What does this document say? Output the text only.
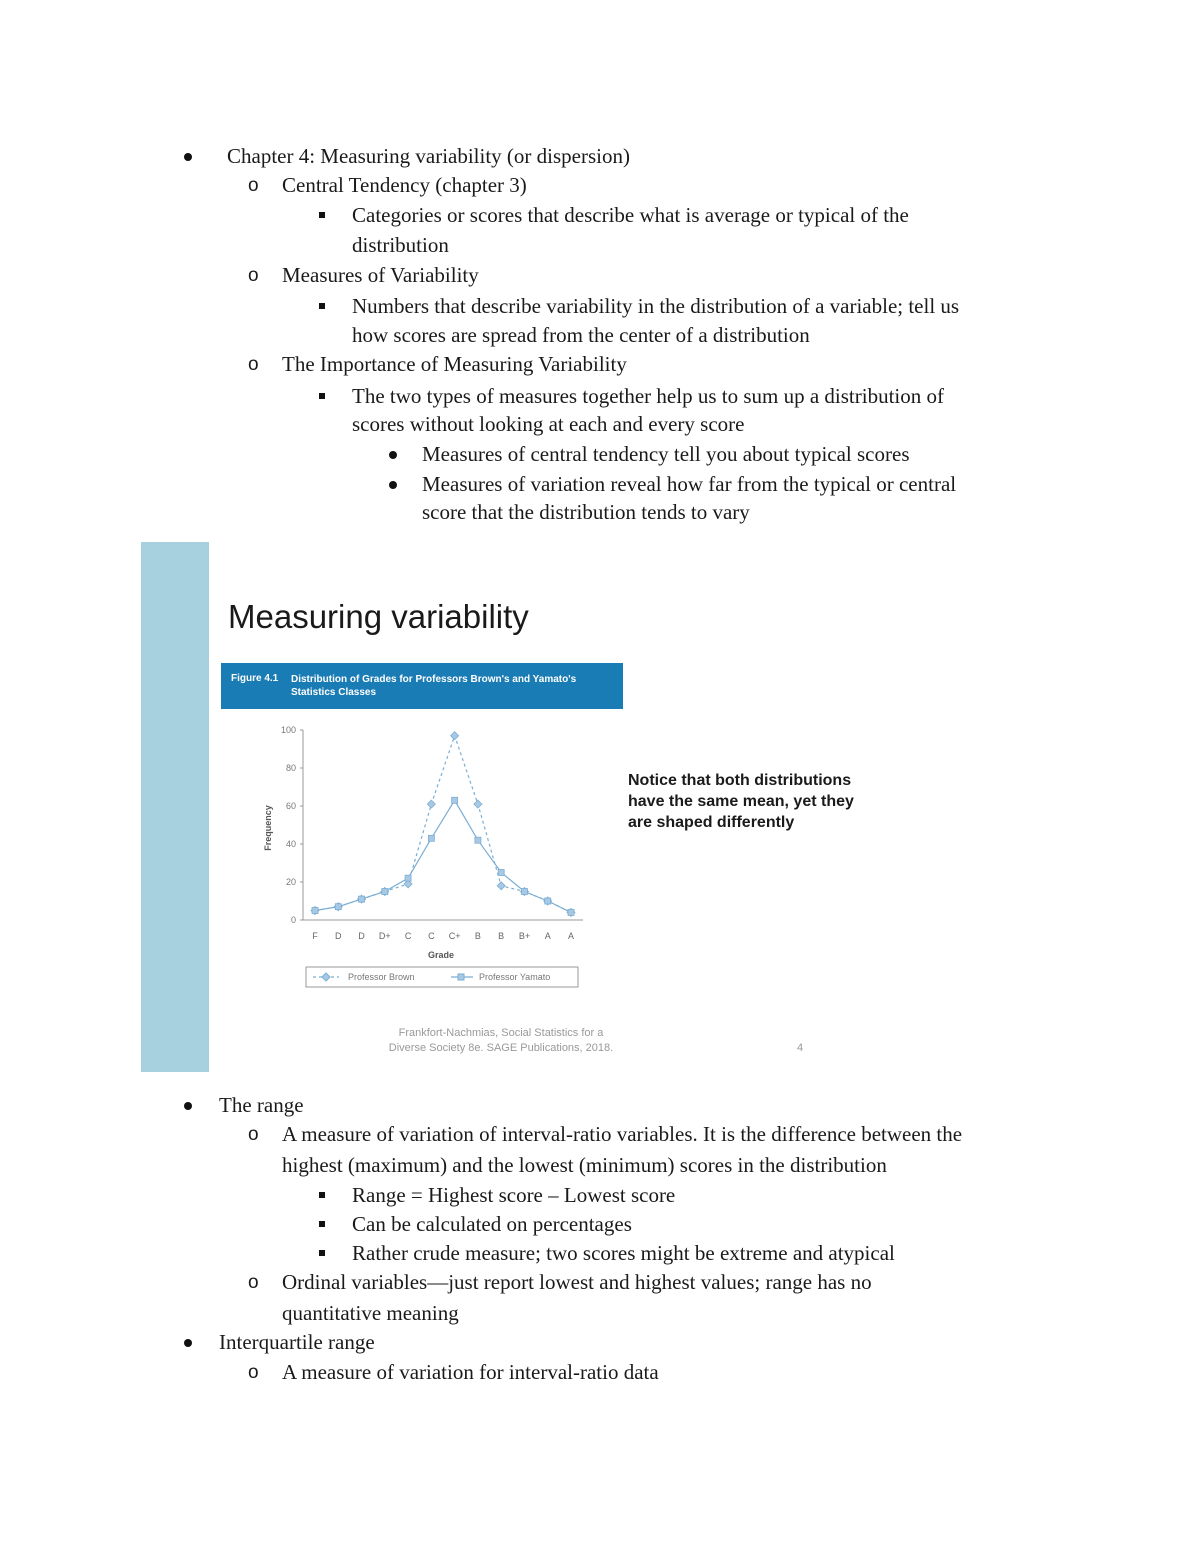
Chapter 4: Measuring variability (or dispersion)

o Central Tendency (chapter 3)

Categories or scores that describe what is average or typical of the

distribution

o Measures of Variability

Numbers that describe variability in the distribution of a variable; tell us

how scores are spread from the center of a distribution

o The Importance of Measuring Variability

The two types of measures together help us to sum up a distribution of

scores without looking at each and every score

Measures of central tendency tell you about typical scores

Measures of variation reveal how far from the typical or central

score that the distribution tends to vary

Measuring variability
Figure 4.1 Distribution of Grades for Professors Brown's and Yamato's Statistics Classes
0
20
40
60
80
100
F D D D+ C C C+ B B B+ A A
Frequency
Grade
Professor Brown	Professor Yamato
Notice that both distributions have the same mean, yet they are shaped differently
Frankfort-Nachmias, Social Statistics for a Diverse Society 8e. SAGE Publications, 2018.	4

The range

o A measure of variation of interval-ratio variables. It is the difference between the

highest (maximum) and the lowest (minimum) scores in the distribution

Range = Highest score – Lowest score

Can be calculated on percentages

Rather crude measure; two scores might be extreme and atypical

o Ordinal variables—just report lowest and highest values; range has no

quantitative meaning

Interquartile range

o A measure of variation for interval-ratio data
